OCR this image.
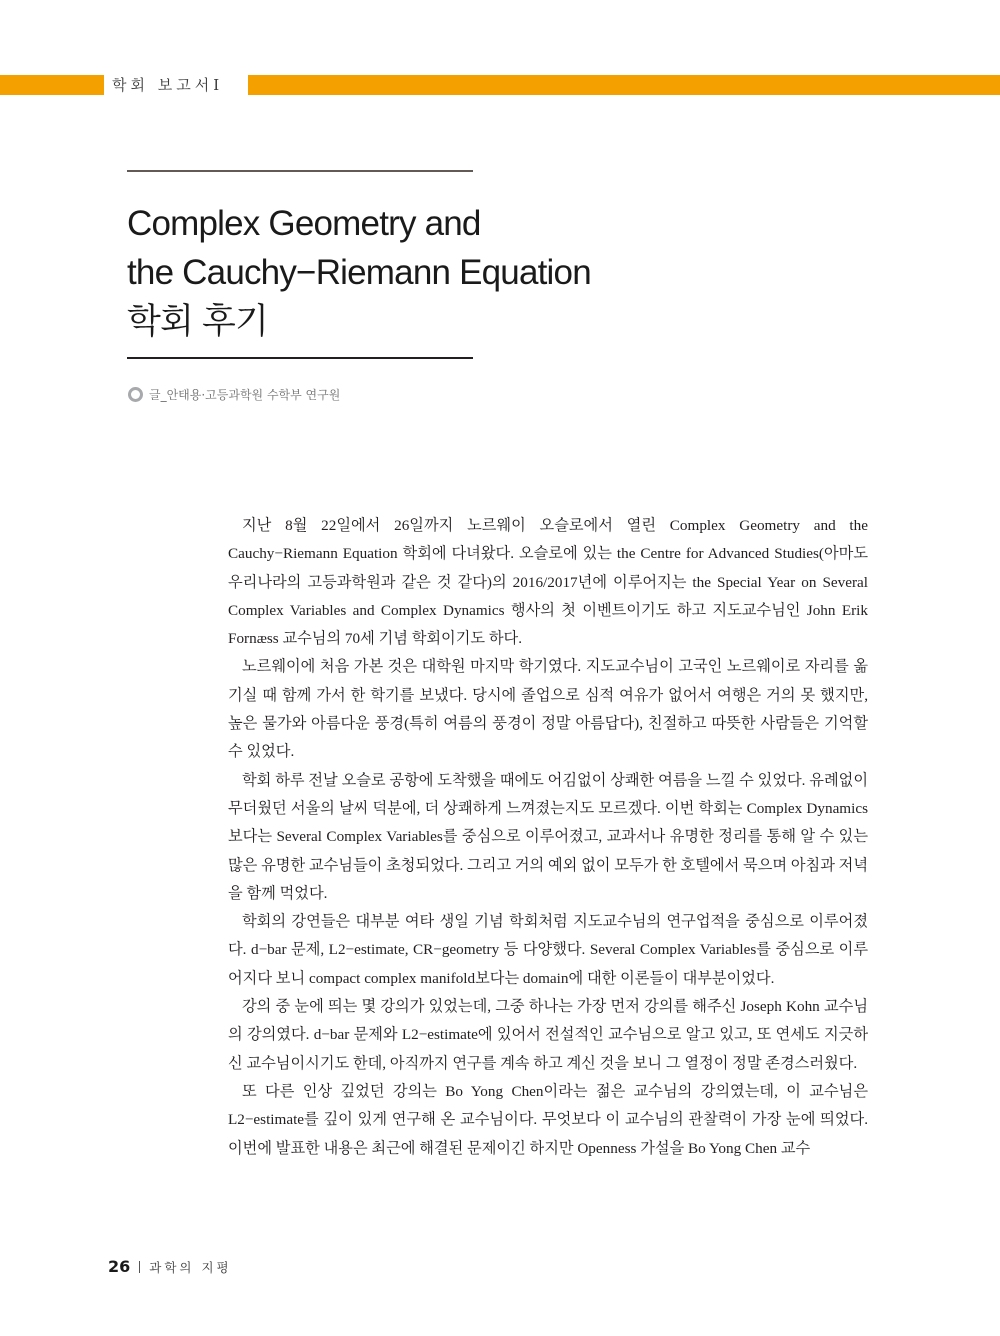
학회 보고서Ⅰ
Complex Geometry and
the Cauchy−Riemann Equation
학회 후기
글_안태용·고등과학원 수학부 연구원

지난 8월 22일에서 26일까지 노르웨이 오슬로에서 열린 Complex Geometry and the Cauchy−Riemann Equation 학회에 다녀왔다. 오슬로에 있는 the Centre for Advanced Studies(아마도 우리나라의 고등과학원과 같은 것 같다)의 2016/2017년에 이루어지는 the Special Year on Several Complex Variables and Complex Dynamics 행사의 첫 이벤트이기도 하고 지도교수님인 John Erik Fornæss 교수님의 70세 기념 학회이기도 하다.

노르웨이에 처음 가본 것은 대학원 마지막 학기였다. 지도교수님이 고국인 노르웨이로 자리를 옮기실 때 함께 가서 한 학기를 보냈다. 당시에 졸업으로 심적 여유가 없어서 여행은 거의 못 했지만, 높은 물가와 아름다운 풍경(특히 여름의 풍경이 정말 아름답다), 친절하고 따뜻한 사람들은 기억할 수 있었다.

학회 하루 전날 오슬로 공항에 도착했을 때에도 어김없이 상쾌한 여름을 느낄 수 있었다. 유례없이 무더웠던 서울의 날씨 덕분에, 더 상쾌하게 느껴졌는지도 모르겠다. 이번 학회는 Complex Dynamics보다는 Several Complex Variables를 중심으로 이루어졌고, 교과서나 유명한 정리를 통해 알 수 있는 많은 유명한 교수님들이 초청되었다. 그리고 거의 예외 없이 모두가 한 호텔에서 묵으며 아침과 저녁을 함께 먹었다.

학회의 강연들은 대부분 여타 생일 기념 학회처럼 지도교수님의 연구업적을 중심으로 이루어졌다. d−bar 문제, L2−estimate, CR−geometry 등 다양했다. Several Complex Variables를 중심으로 이루어지다 보니 compact complex manifold보다는 domain에 대한 이론들이 대부분이었다.

강의 중 눈에 띄는 몇 강의가 있었는데, 그중 하나는 가장 먼저 강의를 해주신 Joseph Kohn 교수님의 강의였다. d−bar 문제와 L2−estimate에 있어서 전설적인 교수님으로 알고 있고, 또 연세도 지긋하신 교수님이시기도 한데, 아직까지 연구를 계속 하고 계신 것을 보니 그 열정이 정말 존경스러웠다.

또 다른 인상 깊었던 강의는 Bo Yong Chen이라는 젊은 교수님의 강의였는데, 이 교수님은 L2−estimate를 깊이 있게 연구해 온 교수님이다. 무엇보다 이 교수님의 관찰력이 가장 눈에 띄었다. 이번에 발표한 내용은 최근에 해결된 문제이긴 하지만 Openness 가설을 Bo Yong Chen 교수

26 과학의 지평
